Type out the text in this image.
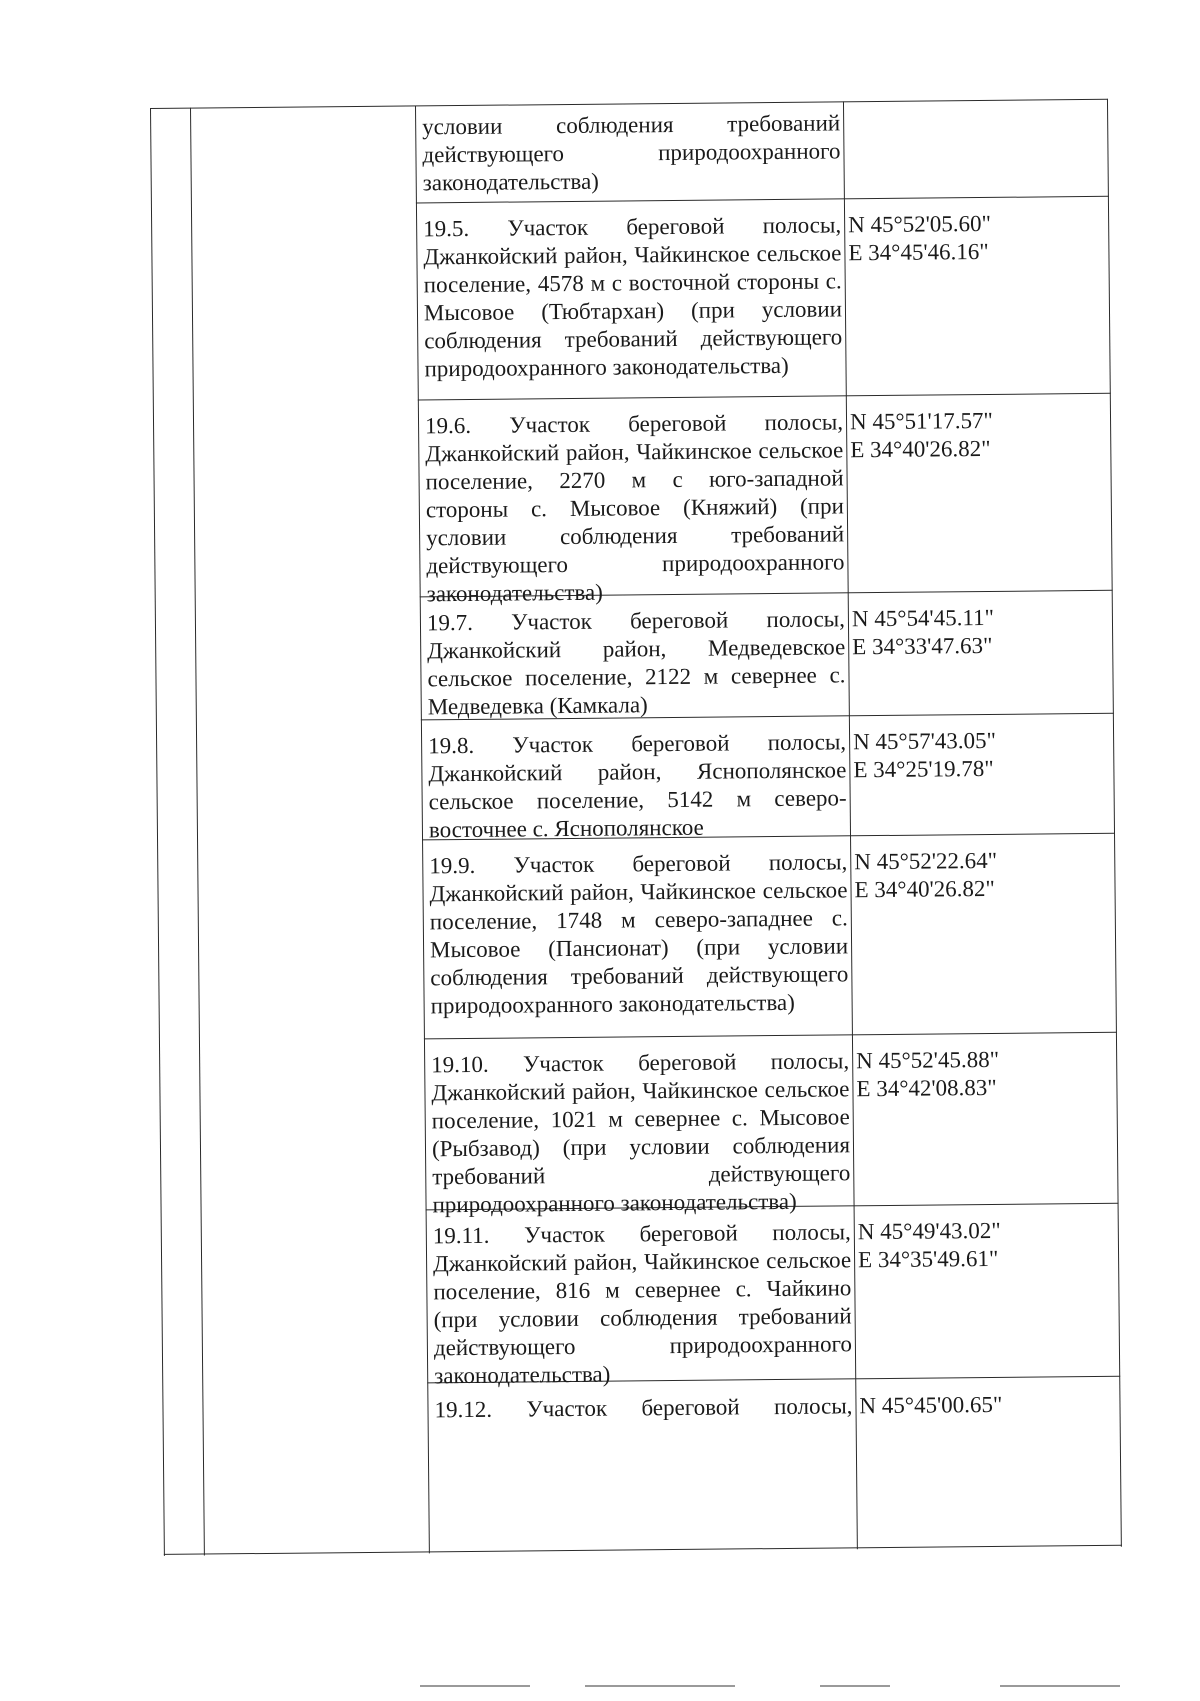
условии соблюдения требований действующего природоохранного законодательства)
19.5. Участок береговой полосы, Джанкойский район, Чайкинское сельское поселение, 4578 м с восточной стороны с. Мысовое (Тюбтархан) (при условии соблюдения требований действующего природоохранного законодательства)
N 45°52'05.60"
E 34°45'46.16"
19.6. Участок береговой полосы, Джанкойский район, Чайкинское сельское поселение, 2270 м с юго-западной стороны с. Мысовое (Княжий) (при условии соблюдения требований действующего природоохранного законодательства)
N 45°51'17.57"
E 34°40'26.82"
19.7. Участок береговой полосы, Джанкойский район, Медведевское сельское поселение, 2122 м севернее с. Медведевка (Камкала)
N 45°54'45.11"
E 34°33'47.63"
19.8. Участок береговой полосы, Джанкойский район, Яснополянское сельское поселение, 5142 м северо-восточнее с. Яснополянское
N 45°57'43.05"
E 34°25'19.78"
19.9. Участок береговой полосы, Джанкойский район, Чайкинское сельское поселение, 1748 м северо-западнее с. Мысовое (Пансионат) (при условии соблюдения требований действующего природоохранного законодательства)
N 45°52'22.64"
E 34°40'26.82"
19.10. Участок береговой полосы, Джанкойский район, Чайкинское сельское поселение, 1021 м севернее с. Мысовое (Рыбзавод) (при условии соблюдения требований действующего природоохранного законодательства)
N 45°52'45.88"
E 34°42'08.83"
19.11. Участок береговой полосы, Джанкойский район, Чайкинское сельское поселение, 816 м севернее с. Чайкино (при условии соблюдения требований действующего природоохранного законодательства)
N 45°49'43.02"
E 34°35'49.61"
19.12. Участок береговой полосы, N 45°45'00.65"
